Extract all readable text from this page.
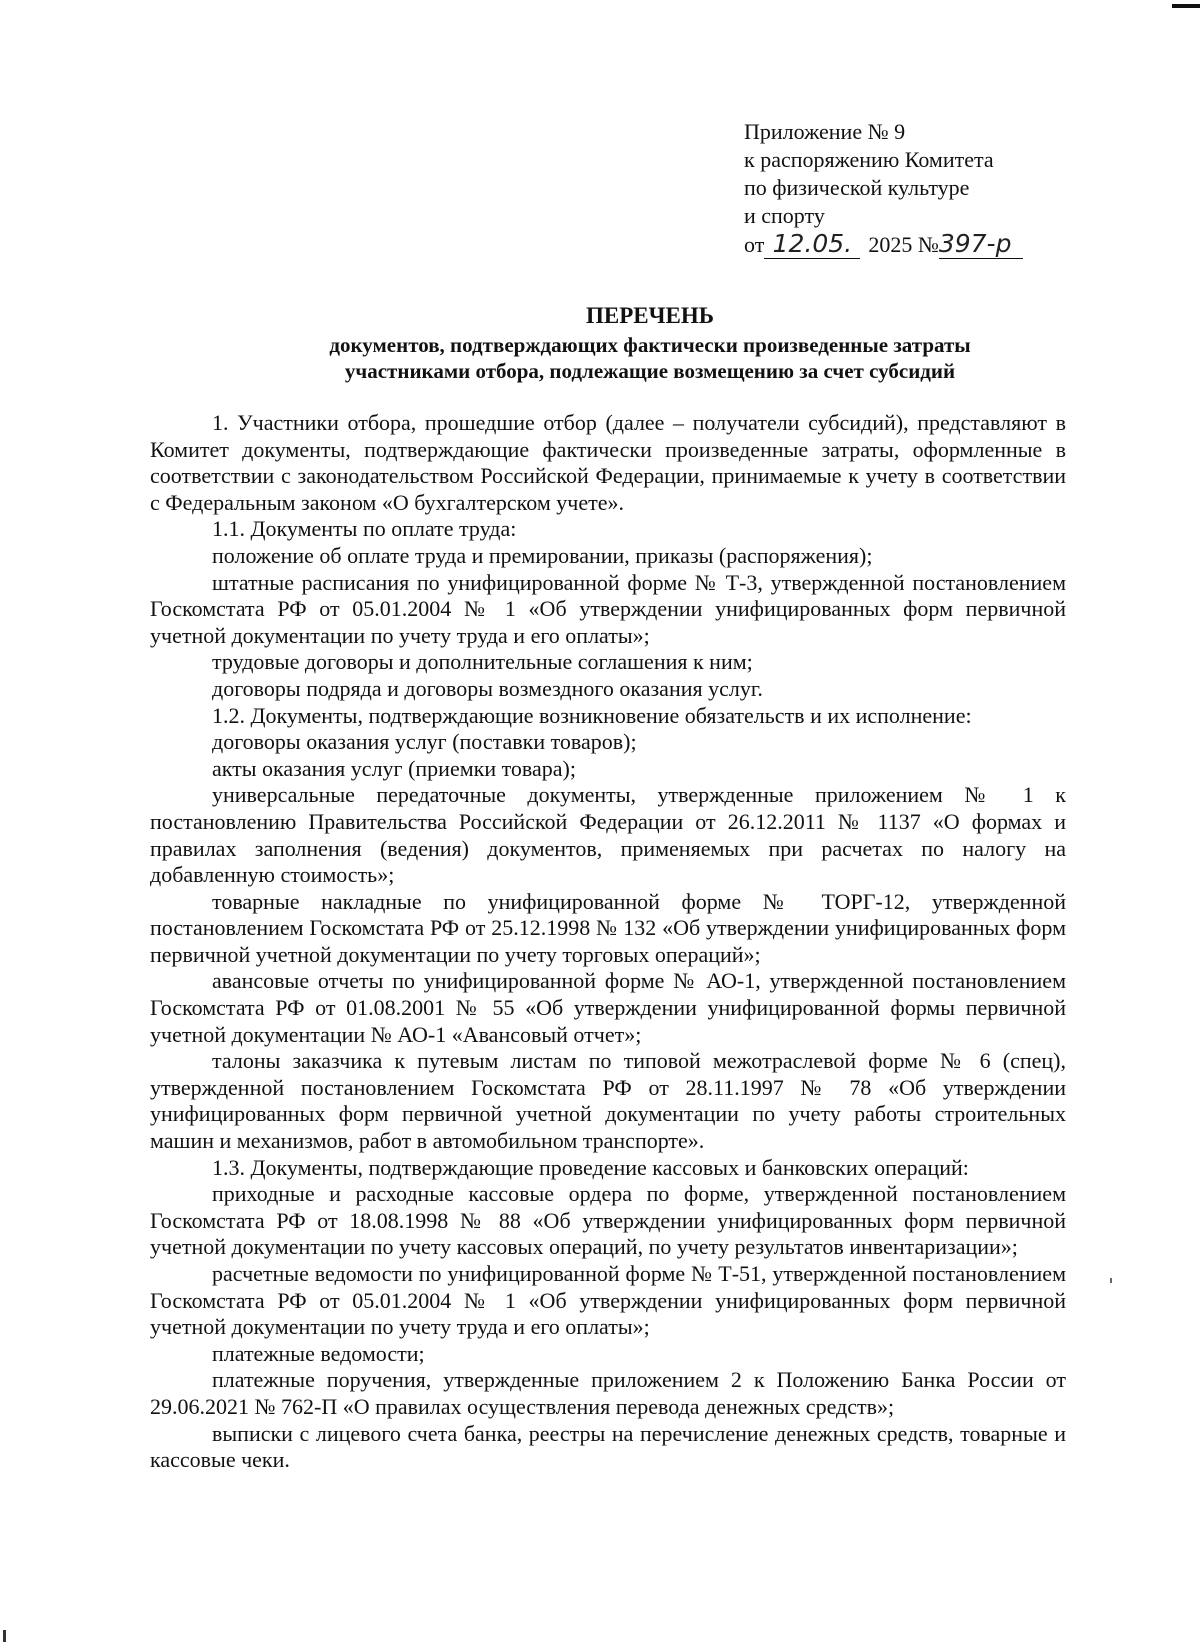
Приложение № 9
к распоряжению Комитета
по физической культуре
и спорту
от 12.05. 2025 №397-р
ПЕРЕЧЕНЬ
документов, подтверждающих фактически произведенные затраты
участниками отбора, подлежащие возмещению за счет субсидий

1. Участники отбора, прошедшие отбор (далее – получатели субсидий), представляют в Комитет документы, подтверждающие фактически произведенные затраты, оформленные в соответствии с законодательством Российской Федерации, принимаемые к учету в соответствии с Федеральным законом «О бухгалтерском учете».

1.1. Документы по оплате труда:

положение об оплате труда и премировании, приказы (распоряжения);

штатные расписания по унифицированной форме № Т-3, утвержденной постановлением Госкомстата РФ от 05.01.2004 № 1 «Об утверждении унифицированных форм первичной учетной документации по учету труда и его оплаты»;

трудовые договоры и дополнительные соглашения к ним;

договоры подряда и договоры возмездного оказания услуг.

1.2. Документы, подтверждающие возникновение обязательств и их исполнение:

договоры оказания услуг (поставки товаров);

акты оказания услуг (приемки товара);

универсальные передаточные документы, утвержденные приложением № 1 к постановлению Правительства Российской Федерации от 26.12.2011 № 1137 «О формах и правилах заполнения (ведения) документов, применяемых при расчетах по налогу на добавленную стоимость»;

товарные накладные по унифицированной форме № ТОРГ-12, утвержденной постановлением Госкомстата РФ от 25.12.1998 № 132 «Об утверждении унифицированных форм первичной учетной документации по учету торговых операций»;

авансовые отчеты по унифицированной форме № АО-1, утвержденной постановлением Госкомстата РФ от 01.08.2001 № 55 «Об утверждении унифицированной формы первичной учетной документации № АО-1 «Авансовый отчет»;

талоны заказчика к путевым листам по типовой межотраслевой форме № 6 (спец), утвержденной постановлением Госкомстата РФ от 28.11.1997 № 78 «Об утверждении унифицированных форм первичной учетной документации по учету работы строительных машин и механизмов, работ в автомобильном транспорте».

1.3. Документы, подтверждающие проведение кассовых и банковских операций:

приходные и расходные кассовые ордера по форме, утвержденной постановлением Госкомстата РФ от 18.08.1998 № 88 «Об утверждении унифицированных форм первичной учетной документации по учету кассовых операций, по учету результатов инвентаризации»;

расчетные ведомости по унифицированной форме № Т-51, утвержденной постановлением Госкомстата РФ от 05.01.2004 № 1 «Об утверждении унифицированных форм первичной учетной документации по учету труда и его оплаты»;

платежные ведомости;

платежные поручения, утвержденные приложением 2 к Положению Банка России от 29.06.2021 № 762-П «О правилах осуществления перевода денежных средств»;

выписки с лицевого счета банка, реестры на перечисление денежных средств, товарные и кассовые чеки.
